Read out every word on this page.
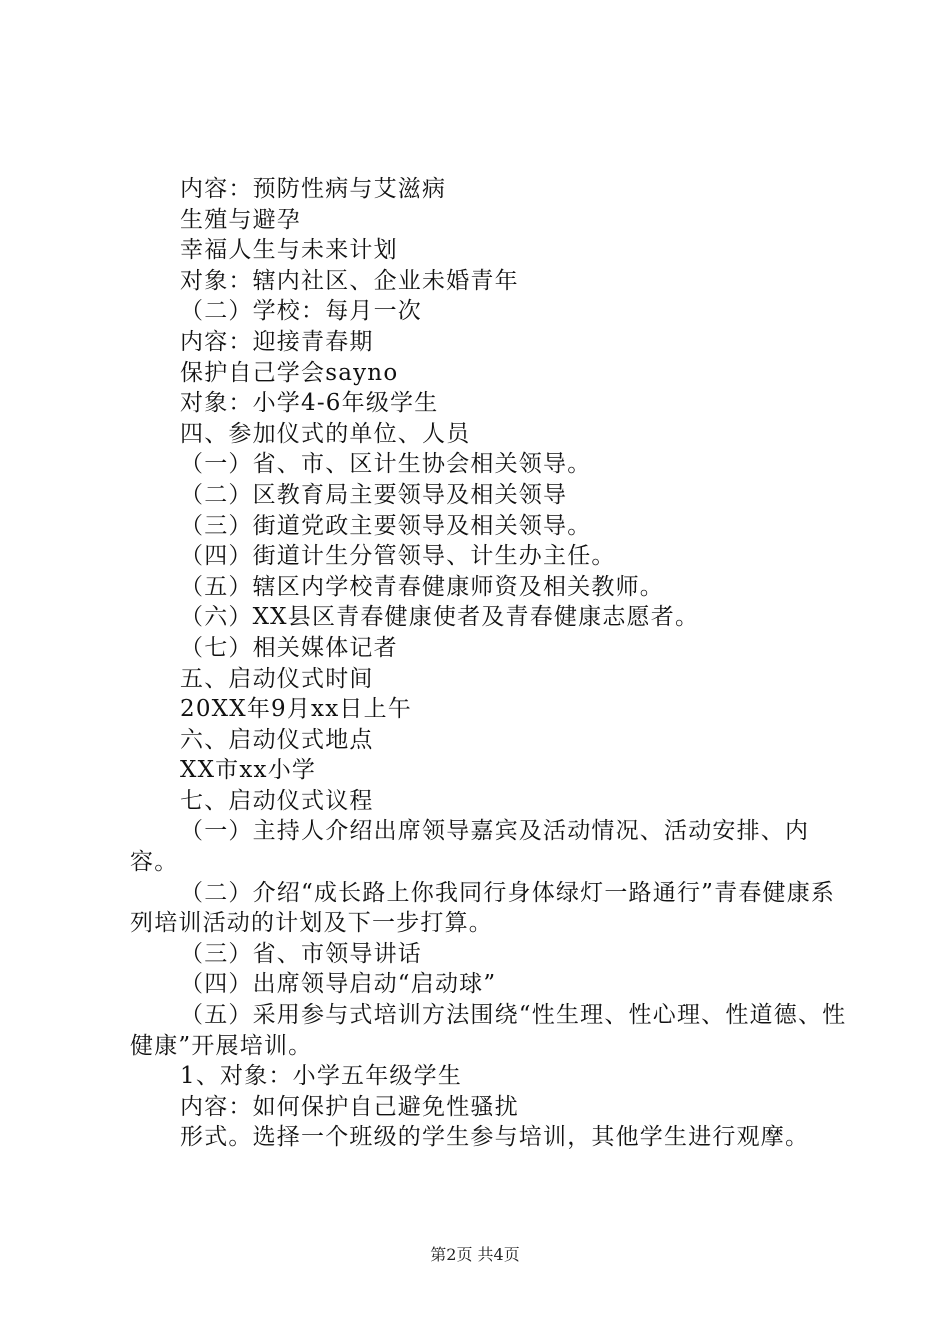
内容：预防性病与艾滋病
生殖与避孕
幸福人生与未来计划
对象：辖内社区、企业未婚青年
（二）学校：每月一次
内容：迎接青春期
保护自己学会sayno
对象：小学4-6年级学生
四、参加仪式的单位、人员
（一）省、市、区计生协会相关领导。
（二）区教育局主要领导及相关领导
（三）街道党政主要领导及相关领导。
（四）街道计生分管领导、计生办主任。
（五）辖区内学校青春健康师资及相关教师。
（六）XX县区青春健康使者及青春健康志愿者。
（七）相关媒体记者
五、启动仪式时间
20XX年9月xx日上午
六、启动仪式地点
XX市xx小学
七、启动仪式议程

（一）主持人介绍出席领导嘉宾及活动情况、活动安排、内容。

（二）介绍“成长路上你我同行身体绿灯一路通行”青春健康系列培训活动的计划及下一步打算。

（三）省、市领导讲话
（四）出席领导启动“启动球”

（五）采用参与式培训方法围绕“性生理、性心理、性道德、性健康”开展培训。

1、对象：小学五年级学生
内容：如何保护自己避免性骚扰
形式。选择一个班级的学生参与培训，其他学生进行观摩。
第2页 共4页
